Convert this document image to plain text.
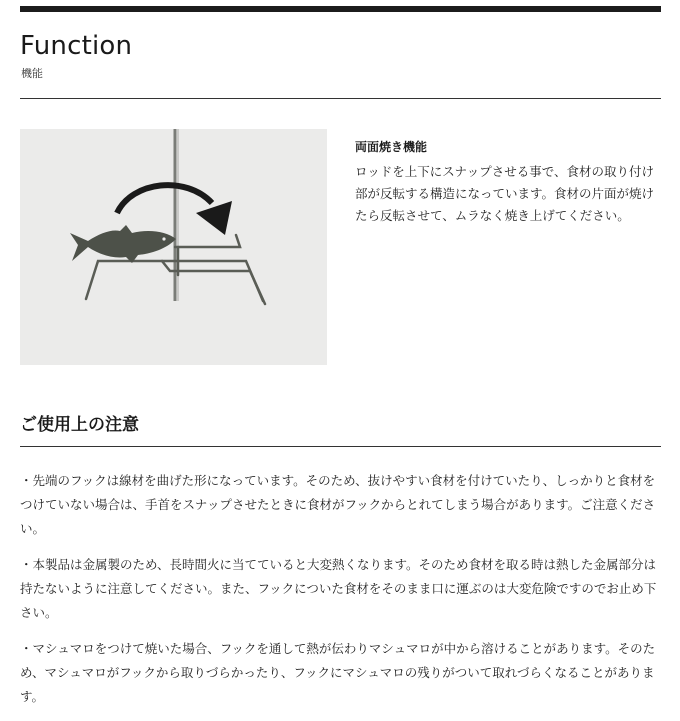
Function
機能
両面焼き機能
ロッドを上下にスナップさせる事で、食材の取り付け部が反転する構造になっています。食材の片面が焼けたら反転させて、ムラなく焼き上げてください。
ご使用上の注意

・先端のフックは線材を曲げた形になっています。そのため、抜けやすい食材を付けていたり、しっかりと食材をつけていない場合は、手首をスナップさせたときに食材がフックからとれてしまう場合があります。ご注意ください。

・本製品は金属製のため、長時間火に当てていると大変熱くなります。そのため食材を取る時は熱した金属部分は持たないように注意してください。また、フックについた食材をそのまま口に運ぶのは大変危険ですのでお止め下さい。

・マシュマロをつけて焼いた場合、フックを通して熱が伝わりマシュマロが中から溶けることがあります。そのため、マシュマロがフックから取りづらかったり、フックにマシュマロの残りがついて取れづらくなることがあります。
